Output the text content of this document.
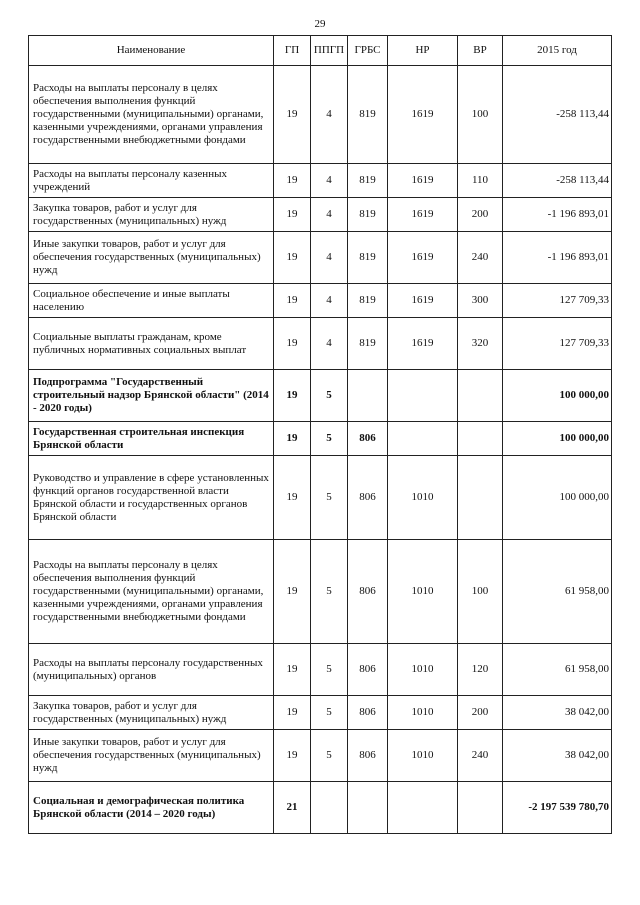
29
Наименование	ГП	ППГП	ГРБС	НР	ВР	2015 год
Расходы на выплаты персоналу в целях обеспечения выполнения функций государственными (муниципальными) органами, казенными учреждениями, органами управления государственными внебюджетными фондами	19	4	819	1619	100	-258 113,44
Расходы на выплаты персоналу казенных учреждений	19	4	819	1619	110	-258 113,44
Закупка товаров, работ и услуг для государственных (муниципальных) нужд	19	4	819	1619	200	-1 196 893,01
Иные закупки товаров, работ и услуг для обеспечения государственных (муниципальных) нужд	19	4	819	1619	240	-1 196 893,01
Социальное обеспечение и иные выплаты населению	19	4	819	1619	300	127 709,33
Социальные выплаты гражданам, кроме публичных нормативных социальных выплат	19	4	819	1619	320	127 709,33
Подпрограмма "Государственный строительный надзор Брянской области" (2014 - 2020 годы)	19	5				100 000,00
Государственная строительная инспекция Брянской области	19	5	806			100 000,00
Руководство и управление в сфере установленных функций органов государственной власти Брянской области и государственных органов Брянской области	19	5	806	1010		100 000,00
Расходы на выплаты персоналу в целях обеспечения выполнения функций государственными (муниципальными) органами, казенными учреждениями, органами управления государственными внебюджетными фондами	19	5	806	1010	100	61 958,00
Расходы на выплаты персоналу государственных (муниципальных) органов	19	5	806	1010	120	61 958,00
Закупка товаров, работ и услуг для государственных (муниципальных) нужд	19	5	806	1010	200	38 042,00
Иные закупки товаров, работ и услуг для обеспечения государственных (муниципальных) нужд	19	5	806	1010	240	38 042,00
Социальная и демографическая политика Брянской области (2014 – 2020 годы)	21					-2 197 539 780,70
